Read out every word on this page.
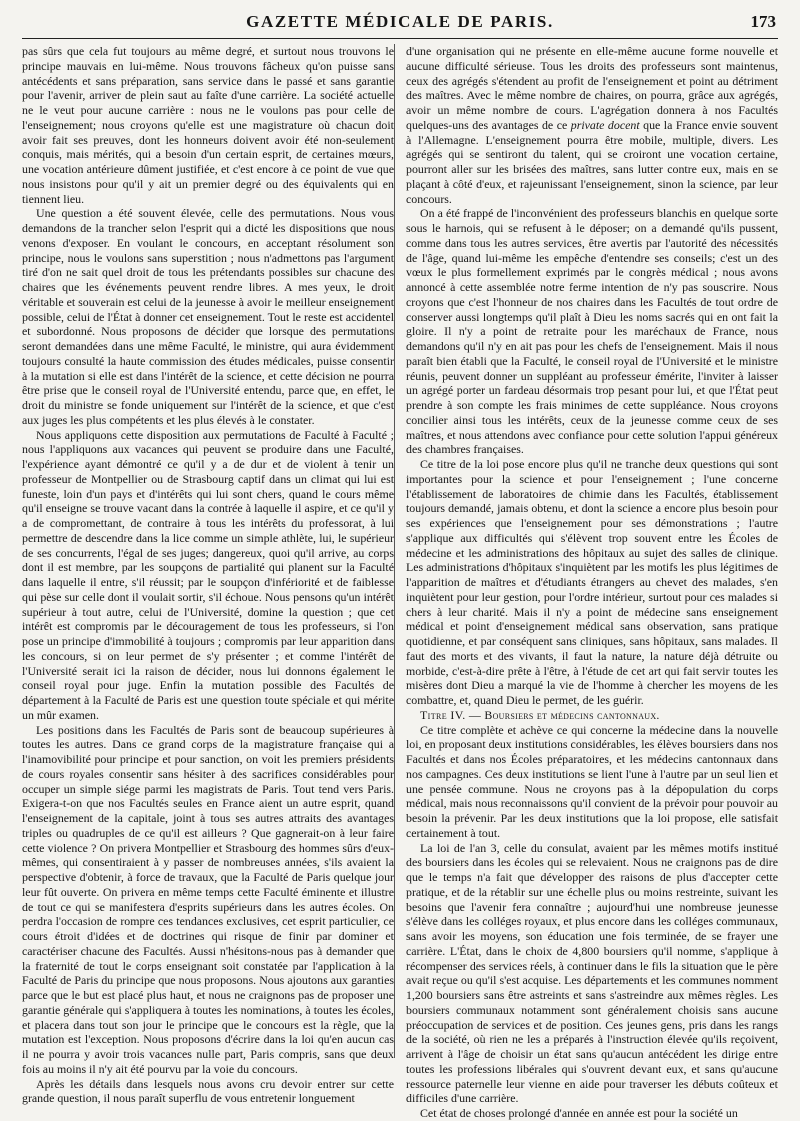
GAZETTE MÉDICALE DE PARIS.	173

pas sûrs que cela fut toujours au même degré, et surtout nous trouvons le principe mauvais en lui-même. Nous trouvons fâcheux qu'on puisse sans antécédents et sans préparation, sans service dans le passé et sans garantie pour l'avenir, arriver de plein saut au faîte d'une carrière. La société actuelle ne le veut pour aucune carrière : nous ne le voulons pas pour celle de l'enseignement; nous croyons qu'elle est une magistrature où chacun doit avoir fait ses preuves, dont les honneurs doivent avoir été non-seulement conquis, mais mérités, qui a besoin d'un certain esprit, de certaines mœurs, une vocation antérieure dûment justifiée, et c'est encore à ce point de vue que nous insistons pour qu'il y ait un premier degré ou des équivalents qui en tiennent lieu.

Une question a été souvent élevée, celle des permutations. Nous vous demandons de la trancher selon l'esprit qui a dicté les dispositions que nous venons d'exposer. En voulant le concours, en acceptant résolument son principe, nous le voulons sans superstition ; nous n'admettons pas l'argument tiré d'on ne sait quel droit de tous les prétendants possibles sur chacune des chaires que les événements peuvent rendre libres. A mes yeux, le droit véritable et souverain est celui de la jeunesse à avoir le meilleur enseignement possible, celui de l'État à donner cet enseignement. Tout le reste est accidentel et subordonné. Nous proposons de décider que lorsque des permutations seront demandées dans une même Faculté, le ministre, qui aura évidemment toujours consulté la haute commission des études médicales, puisse consentir à la mutation si elle est dans l'intérêt de la science, et cette décision ne pourra être prise que le conseil royal de l'Université entendu, parce que, en effet, le droit du ministre se fonde uniquement sur l'intérêt de la science, et que c'est aux juges les plus compétents et les plus élevés à le constater.

Nous appliquons cette disposition aux permutations de Faculté à Faculté ; nous l'appliquons aux vacances qui peuvent se produire dans une Faculté, l'expérience ayant démontré ce qu'il y a de dur et de violent à tenir un professeur de Montpellier ou de Strasbourg captif dans un climat qui lui est funeste, loin d'un pays et d'intérêts qui lui sont chers, quand le cours même qu'il enseigne se trouve vacant dans la contrée à laquelle il aspire, et ce qu'il y a de compromettant, de contraire à tous les intérêts du professorat, à lui permettre de descendre dans la lice comme un simple athlète, lui, le supérieur de ses concurrents, l'égal de ses juges; dangereux, quoi qu'il arrive, au corps dont il est membre, par les soupçons de partialité qui planent sur la Faculté dans laquelle il entre, s'il réussit; par le soupçon d'infériorité et de faiblesse qui pèse sur celle dont il voulait sortir, s'il échoue. Nous pensons qu'un intérêt supérieur à tout autre, celui de l'Université, domine la question ; que cet intérêt est compromis par le découragement de tous les professeurs, si l'on pose un principe d'immobilité à toujours ; compromis par leur apparition dans les concours, si on leur permet de s'y présenter ; et comme l'intérêt de l'Université serait ici la raison de décider, nous lui donnons également le conseil royal pour juge. Enfin la mutation possible des Facultés de département à la Faculté de Paris est une question toute spéciale et qui mérite un mûr examen.

Les positions dans les Facultés de Paris sont de beaucoup supérieures à toutes les autres. Dans ce grand corps de la magistrature française qui a l'inamovibilité pour principe et pour sanction, on voit les premiers présidents de cours royales consentir sans hésiter à des sacrifices considérables pour occuper un simple siége parmi les magistrats de Paris. Tout tend vers Paris. Exigera-t-on que nos Facultés seules en France aient un autre esprit, quand l'enseignement de la capitale, joint à tous ses autres attraits des avantages triples ou quadruples de ce qu'il est ailleurs ? Que gagnerait-on à leur faire cette violence ? On privera Montpellier et Strasbourg des hommes sûrs d'eux-mêmes, qui consentiraient à y passer de nombreuses années, s'ils avaient la perspective d'obtenir, à force de travaux, que la Faculté de Paris quelque jour leur fût ouverte. On privera en même temps cette Faculté éminente et illustre de tout ce qui se manifestera d'esprits supérieurs dans les autres écoles. On perdra l'occasion de rompre ces tendances exclusives, cet esprit particulier, ce cours étroit d'idées et de doctrines qui risque de finir par dominer et caractériser chacune des Facultés. Aussi n'hésitons-nous pas à demander que la fraternité de tout le corps enseignant soit constatée par l'application à la Faculté de Paris du principe que nous proposons. Nous ajoutons aux garanties parce que le but est placé plus haut, et nous ne craignons pas de proposer une garantie générale qui s'appliquera à toutes les nominations, à toutes les écoles, et placera dans tout son jour le principe que le concours est la règle, que la mutation est l'exception. Nous proposons d'écrire dans la loi qu'en aucun cas il ne pourra y avoir trois vacances nulle part, Paris compris, sans que deux fois au moins il n'y ait été pourvu par la voie du concours.

Après les détails dans lesquels nous avons cru devoir entrer sur cette grande question, il nous paraît superflu de vous entretenir longuement

d'une organisation qui ne présente en elle-même aucune forme nouvelle et aucune difficulté sérieuse. Tous les droits des professeurs sont maintenus, ceux des agrégés s'étendent au profit de l'enseignement et point au détriment des maîtres. Avec le même nombre de chaires, on pourra, grâce aux agrégés, avoir un même nombre de cours. L'agrégation donnera à nos Facultés quelques-uns des avantages de ce private docent que la France envie souvent à l'Allemagne. L'enseignement pourra être mobile, multiple, divers. Les agrégés qui se sentiront du talent, qui se croiront une vocation certaine, pourront aller sur les brisées des maîtres, sans lutter contre eux, mais en se plaçant à côté d'eux, et rajeunissant l'enseignement, sinon la science, par leur concours.

On a été frappé de l'inconvénient des professeurs blanchis en quelque sorte sous le harnois, qui se refusent à le déposer; on a demandé qu'ils pussent, comme dans tous les autres services, être avertis par l'autorité des nécessités de l'âge, quand lui-même les empêche d'entendre ses conseils; c'est un des vœux le plus formellement exprimés par le congrès médical ; nous avons annoncé à cette assemblée notre ferme intention de n'y pas souscrire. Nous croyons que c'est l'honneur de nos chaires dans les Facultés de tout ordre de conserver aussi longtemps qu'il plaît à Dieu les noms sacrés qui en ont fait la gloire. Il n'y a point de retraite pour les maréchaux de France, nous demandons qu'il n'y en ait pas pour les chefs de l'enseignement. Mais il nous paraît bien établi que la Faculté, le conseil royal de l'Université et le ministre réunis, peuvent donner un suppléant au professeur émérite, l'inviter à laisser un agrégé porter un fardeau désormais trop pesant pour lui, et que l'État peut prendre à son compte les frais minimes de cette suppléance. Nous croyons concilier ainsi tous les intérêts, ceux de la jeunesse comme ceux de ses maîtres, et nous attendons avec confiance pour cette solution l'appui généreux des chambres françaises.

Ce titre de la loi pose encore plus qu'il ne tranche deux questions qui sont importantes pour la science et pour l'enseignement ; l'une concerne l'établissement de laboratoires de chimie dans les Facultés, établissement toujours demandé, jamais obtenu, et dont la science a encore plus besoin pour ses expériences que l'enseignement pour ses démonstrations ; l'autre s'applique aux difficultés qui s'élèvent trop souvent entre les Écoles de médecine et les administrations des hôpitaux au sujet des salles de clinique. Les administrations d'hôpitaux s'inquiètent par les motifs les plus légitimes de l'apparition de maîtres et d'étudiants étrangers au chevet des malades, s'en inquiètent pour leur gestion, pour l'ordre intérieur, surtout pour ces malades si chers à leur charité. Mais il n'y a point de médecine sans enseignement médical et point d'enseignement médical sans observation, sans pratique quotidienne, et par conséquent sans cliniques, sans hôpitaux, sans malades. Il faut des morts et des vivants, il faut la nature, la nature déjà détruite ou morbide, c'est-à-dire prête à l'être, à l'étude de cet art qui fait servir toutes les misères dont Dieu a marqué la vie de l'homme à chercher les moyens de les combattre, et, quand Dieu le permet, de les guérir.

Titre IV. — Boursiers et médecins cantonnaux.

Ce titre complète et achève ce qui concerne la médecine dans la nouvelle loi, en proposant deux institutions considérables, les élèves boursiers dans nos Facultés et dans nos Écoles préparatoires, et les médecins cantonnaux dans nos campagnes. Ces deux institutions se lient l'une à l'autre par un seul lien et une pensée commune. Nous ne croyons pas à la dépopulation du corps médical, mais nous reconnaissons qu'il convient de la prévoir pour pouvoir au besoin la prévenir. Par les deux institutions que la loi propose, elle satisfait certainement à tout.

La loi de l'an 3, celle du consulat, avaient par les mêmes motifs institué des boursiers dans les écoles qui se relevaient. Nous ne craignons pas de dire que le temps n'a fait que développer des raisons de plus d'accepter cette pratique, et de la rétablir sur une échelle plus ou moins restreinte, suivant les besoins que l'avenir fera connaître ; aujourd'hui une nombreuse jeunesse s'élève dans les colléges royaux, et plus encore dans les colléges communaux, sans avoir les moyens, son éducation une fois terminée, de se frayer une carrière. L'État, dans le choix de 4,800 boursiers qu'il nomme, s'applique à récompenser des services réels, à continuer dans le fils la situation que le père avait reçue ou qu'il s'est acquise. Les départements et les communes nomment 1,200 boursiers sans être astreints et sans s'astreindre aux mêmes règles. Les boursiers communaux notamment sont généralement choisis sans aucune préoccupation de services et de position. Ces jeunes gens, pris dans les rangs de la société, où rien ne les a préparés à l'instruction élevée qu'ils reçoivent, arrivent à l'âge de choisir un état sans qu'aucun antécédent les dirige entre toutes les professions libérales qui s'ouvrent devant eux, et sans qu'aucune ressource paternelle leur vienne en aide pour traverser les débuts coûteux et difficiles d'une carrière.

Cet état de choses prolongé d'année en année est pour la société un
